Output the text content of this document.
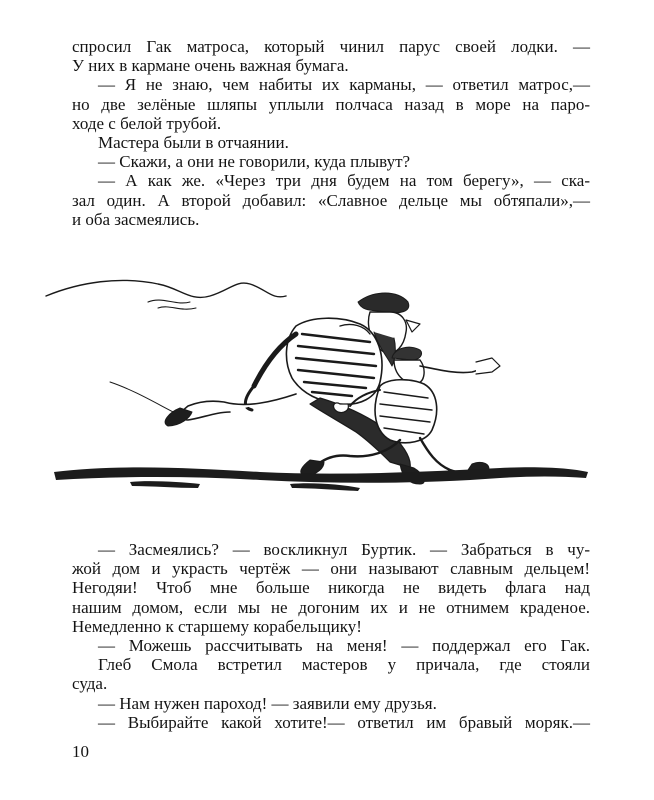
спросил Гак матроса, который чинил парус своей лодки. —
У них в кармане очень важная бумага.
— Я не знаю, чем набиты их карманы, — ответил матрос,—
но две зелёные шляпы уплыли полчаса назад в море на паро-
ходе с белой трубой.
Мастера были в отчаянии.
— Скажи, а они не говорили, куда плывут?
— А как же. «Через три дня будем на том берегу», — ска-
зал один. А второй добавил: «Славное дельце мы обтяпали»,—
и оба засмеялись.
— Засмеялись? — воскликнул Буртик. — Забраться в чу-
жой дом и украсть чертёж — они называют славным дельцем!
Негодяи! Чтоб мне больше никогда не видеть флага над
нашим домом, если мы не догоним их и не отнимем краденое.
Немедленно к старшему корабельщику!
— Можешь рассчитывать на меня! — поддержал его Гак.
Глеб Смола встретил мастеров у причала, где стояли
суда.
— Нам нужен пароход! — заявили ему друзья.
— Выбирайте какой хотите!— ответил им бравый моряк.—
10
